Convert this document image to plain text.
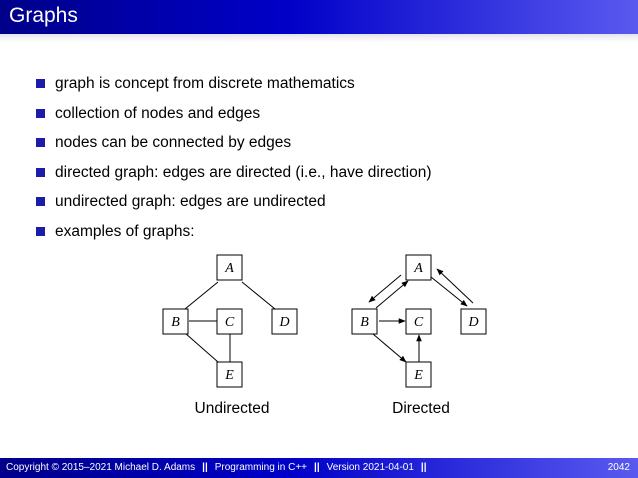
Graphs
graph is concept from discrete mathematics
collection of nodes and edges
nodes can be connected by edges
directed graph: edges are directed (i.e., have direction)
undirected graph: edges are undirected
examples of graphs:
A
B	C	D
E
Undirected
A
B	C	D
E
Directed
Copyright © 2015–2021 Michael D. Adams || Programming in C++ || Version 2021-04-01 ||	2042
